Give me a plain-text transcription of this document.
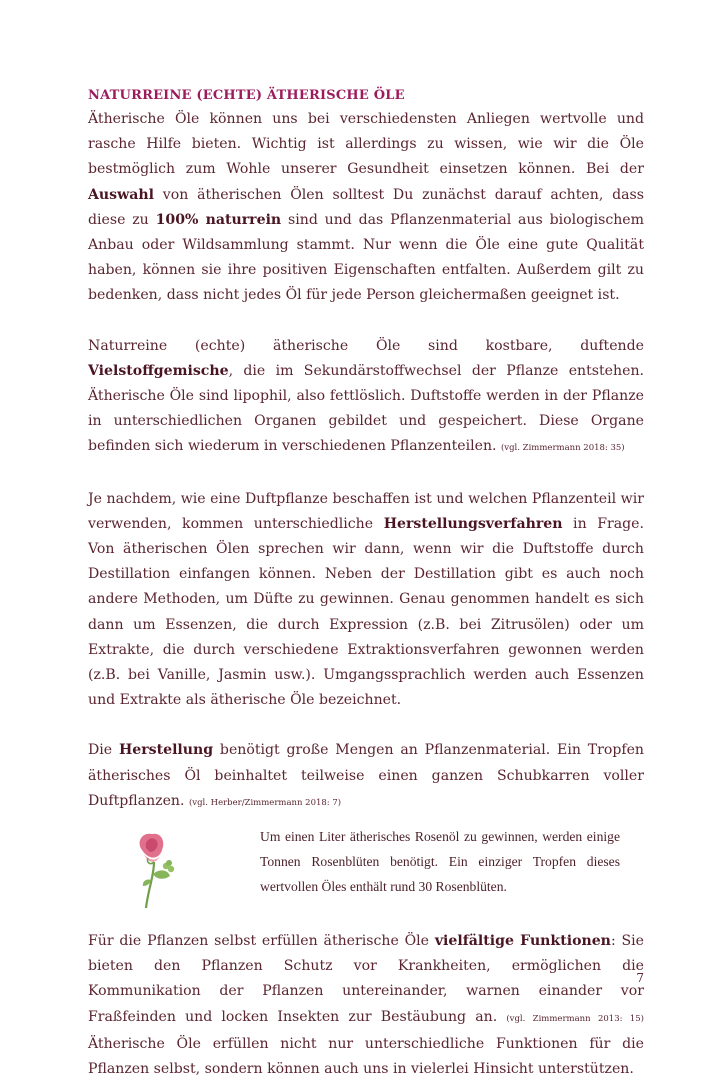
NATURREINE (ECHTE) ÄTHERISCHE ÖLE

Ätherische Öle können uns bei verschiedensten Anliegen wertvolle und rasche Hilfe bieten. Wichtig ist allerdings zu wissen, wie wir die Öle bestmöglich zum Wohle unserer Gesundheit einsetzen können. Bei der Auswahl von ätherischen Ölen solltest Du zunächst darauf achten, dass diese zu 100% naturrein sind und das Pflanzenmaterial aus biologischem Anbau oder Wildsammlung stammt. Nur wenn die Öle eine gute Qualität haben, können sie ihre positiven Eigenschaften entfalten. Außerdem gilt zu bedenken, dass nicht jedes Öl für jede Person gleichermaßen geeignet ist.

Naturreine (echte) ätherische Öle sind kostbare, duftende Vielstoffgemische, die im Sekundärstoffwechsel der Pflanze entstehen. Ätherische Öle sind lipophil, also fettlöslich. Duftstoffe werden in der Pflanze in unterschiedlichen Organen gebildet und gespeichert. Diese Organe befinden sich wiederum in verschiedenen Pflanzenteilen. (vgl. Zimmermann 2018: 35)

Je nachdem, wie eine Duftpflanze beschaffen ist und welchen Pflanzenteil wir verwenden, kommen unterschiedliche Herstellungsverfahren in Frage. Von ätherischen Ölen sprechen wir dann, wenn wir die Duftstoffe durch Destillation einfangen können. Neben der Destillation gibt es auch noch andere Methoden, um Düfte zu gewinnen. Genau genommen handelt es sich dann um Essenzen, die durch Expression (z.B. bei Zitrusölen) oder um Extrakte, die durch verschiedene Extraktionsverfahren gewonnen werden (z.B. bei Vanille, Jasmin usw.). Umgangssprachlich werden auch Essenzen und Extrakte als ätherische Öle bezeichnet.

Die Herstellung benötigt große Mengen an Pflanzenmaterial. Ein Tropfen ätherisches Öl beinhaltet teilweise einen ganzen Schubkarren voller Duftpflanzen. (vgl. Herber/Zimmermann 2018: 7)

Um einen Liter ätherisches Rosenöl zu gewinnen, werden einige Tonnen Rosenblüten benötigt. Ein einziger Tropfen dieses wertvollen Öles enthält rund 30 Rosenblüten.

Für die Pflanzen selbst erfüllen ätherische Öle vielfältige Funktionen: Sie bieten den Pflanzen Schutz vor Krankheiten, ermöglichen die Kommunikation der Pflanzen untereinander, warnen einander vor Fraßfeinden und locken Insekten zur Bestäubung an. (vgl. Zimmermann 2013: 15) Ätherische Öle erfüllen nicht nur unterschiedliche Funktionen für die Pflanzen selbst, sondern können auch uns in vielerlei Hinsicht unterstützen.

7
